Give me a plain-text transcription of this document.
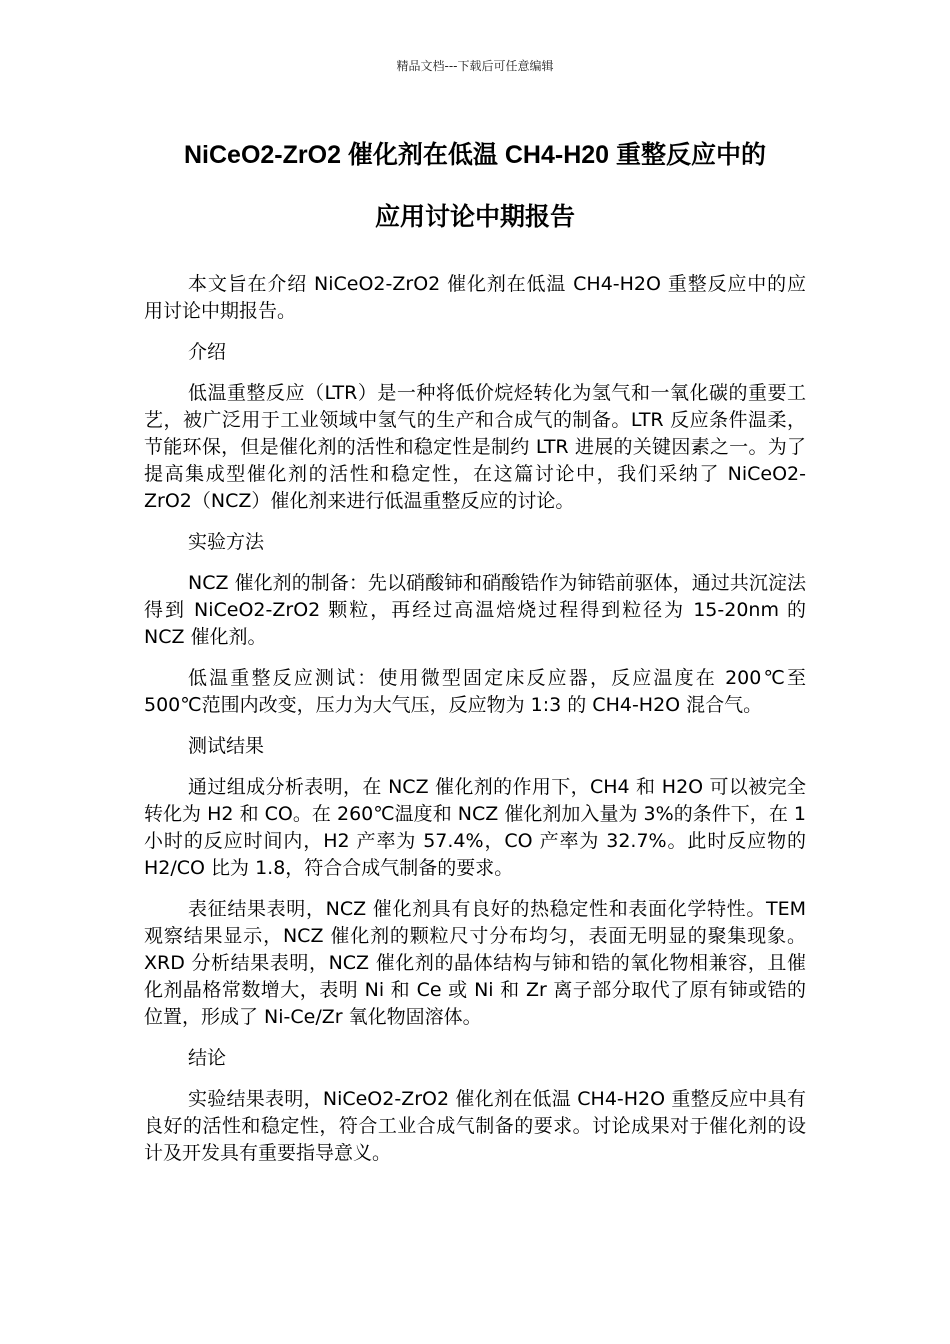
精品文档---下载后可任意编辑
NiCeO2-ZrO2 催化剂在低温 CH4-H20 重整反应中的
应用讨论中期报告

本文旨在介绍 NiCeO2-ZrO2 催化剂在低温 CH4-H2O 重整反应中的应用讨论中期报告。

介绍

低温重整反应（LTR）是一种将低价烷烃转化为氢气和一氧化碳的重要工艺，被广泛用于工业领域中氢气的生产和合成气的制备。LTR 反应条件温柔，节能环保，但是催化剂的活性和稳定性是制约 LTR 进展的关键因素之一。为了提高集成型催化剂的活性和稳定性，在这篇讨论中，我们采纳了 NiCeO2-ZrO2（NCZ）催化剂来进行低温重整反应的讨论。

实验方法

NCZ 催化剂的制备：先以硝酸铈和硝酸锆作为铈锆前驱体，通过共沉淀法得到 NiCeO2-ZrO2 颗粒，再经过高温焙烧过程得到粒径为 15-20nm 的 NCZ 催化剂。

低温重整反应测试：使用微型固定床反应器，反应温度在 200℃至 500℃范围内改变，压力为大气压，反应物为 1:3 的 CH4-H2O 混合气。

测试结果

通过组成分析表明，在 NCZ 催化剂的作用下，CH4 和 H2O 可以被完全转化为 H2 和 CO。在 260℃温度和 NCZ 催化剂加入量为 3%的条件下，在 1 小时的反应时间内，H2 产率为 57.4%，CO 产率为 32.7%。此时反应物的 H2/CO 比为 1.8，符合合成气制备的要求。

表征结果表明，NCZ 催化剂具有良好的热稳定性和表面化学特性。TEM 观察结果显示，NCZ 催化剂的颗粒尺寸分布均匀，表面无明显的聚集现象。XRD 分析结果表明，NCZ 催化剂的晶体结构与铈和锆的氧化物相兼容，且催化剂晶格常数增大，表明 Ni 和 Ce 或 Ni 和 Zr 离子部分取代了原有铈或锆的位置，形成了 Ni-Ce/Zr 氧化物固溶体。

结论

实验结果表明，NiCeO2-ZrO2 催化剂在低温 CH4-H2O 重整反应中具有良好的活性和稳定性，符合工业合成气制备的要求。讨论成果对于催化剂的设计及开发具有重要指导意义。
